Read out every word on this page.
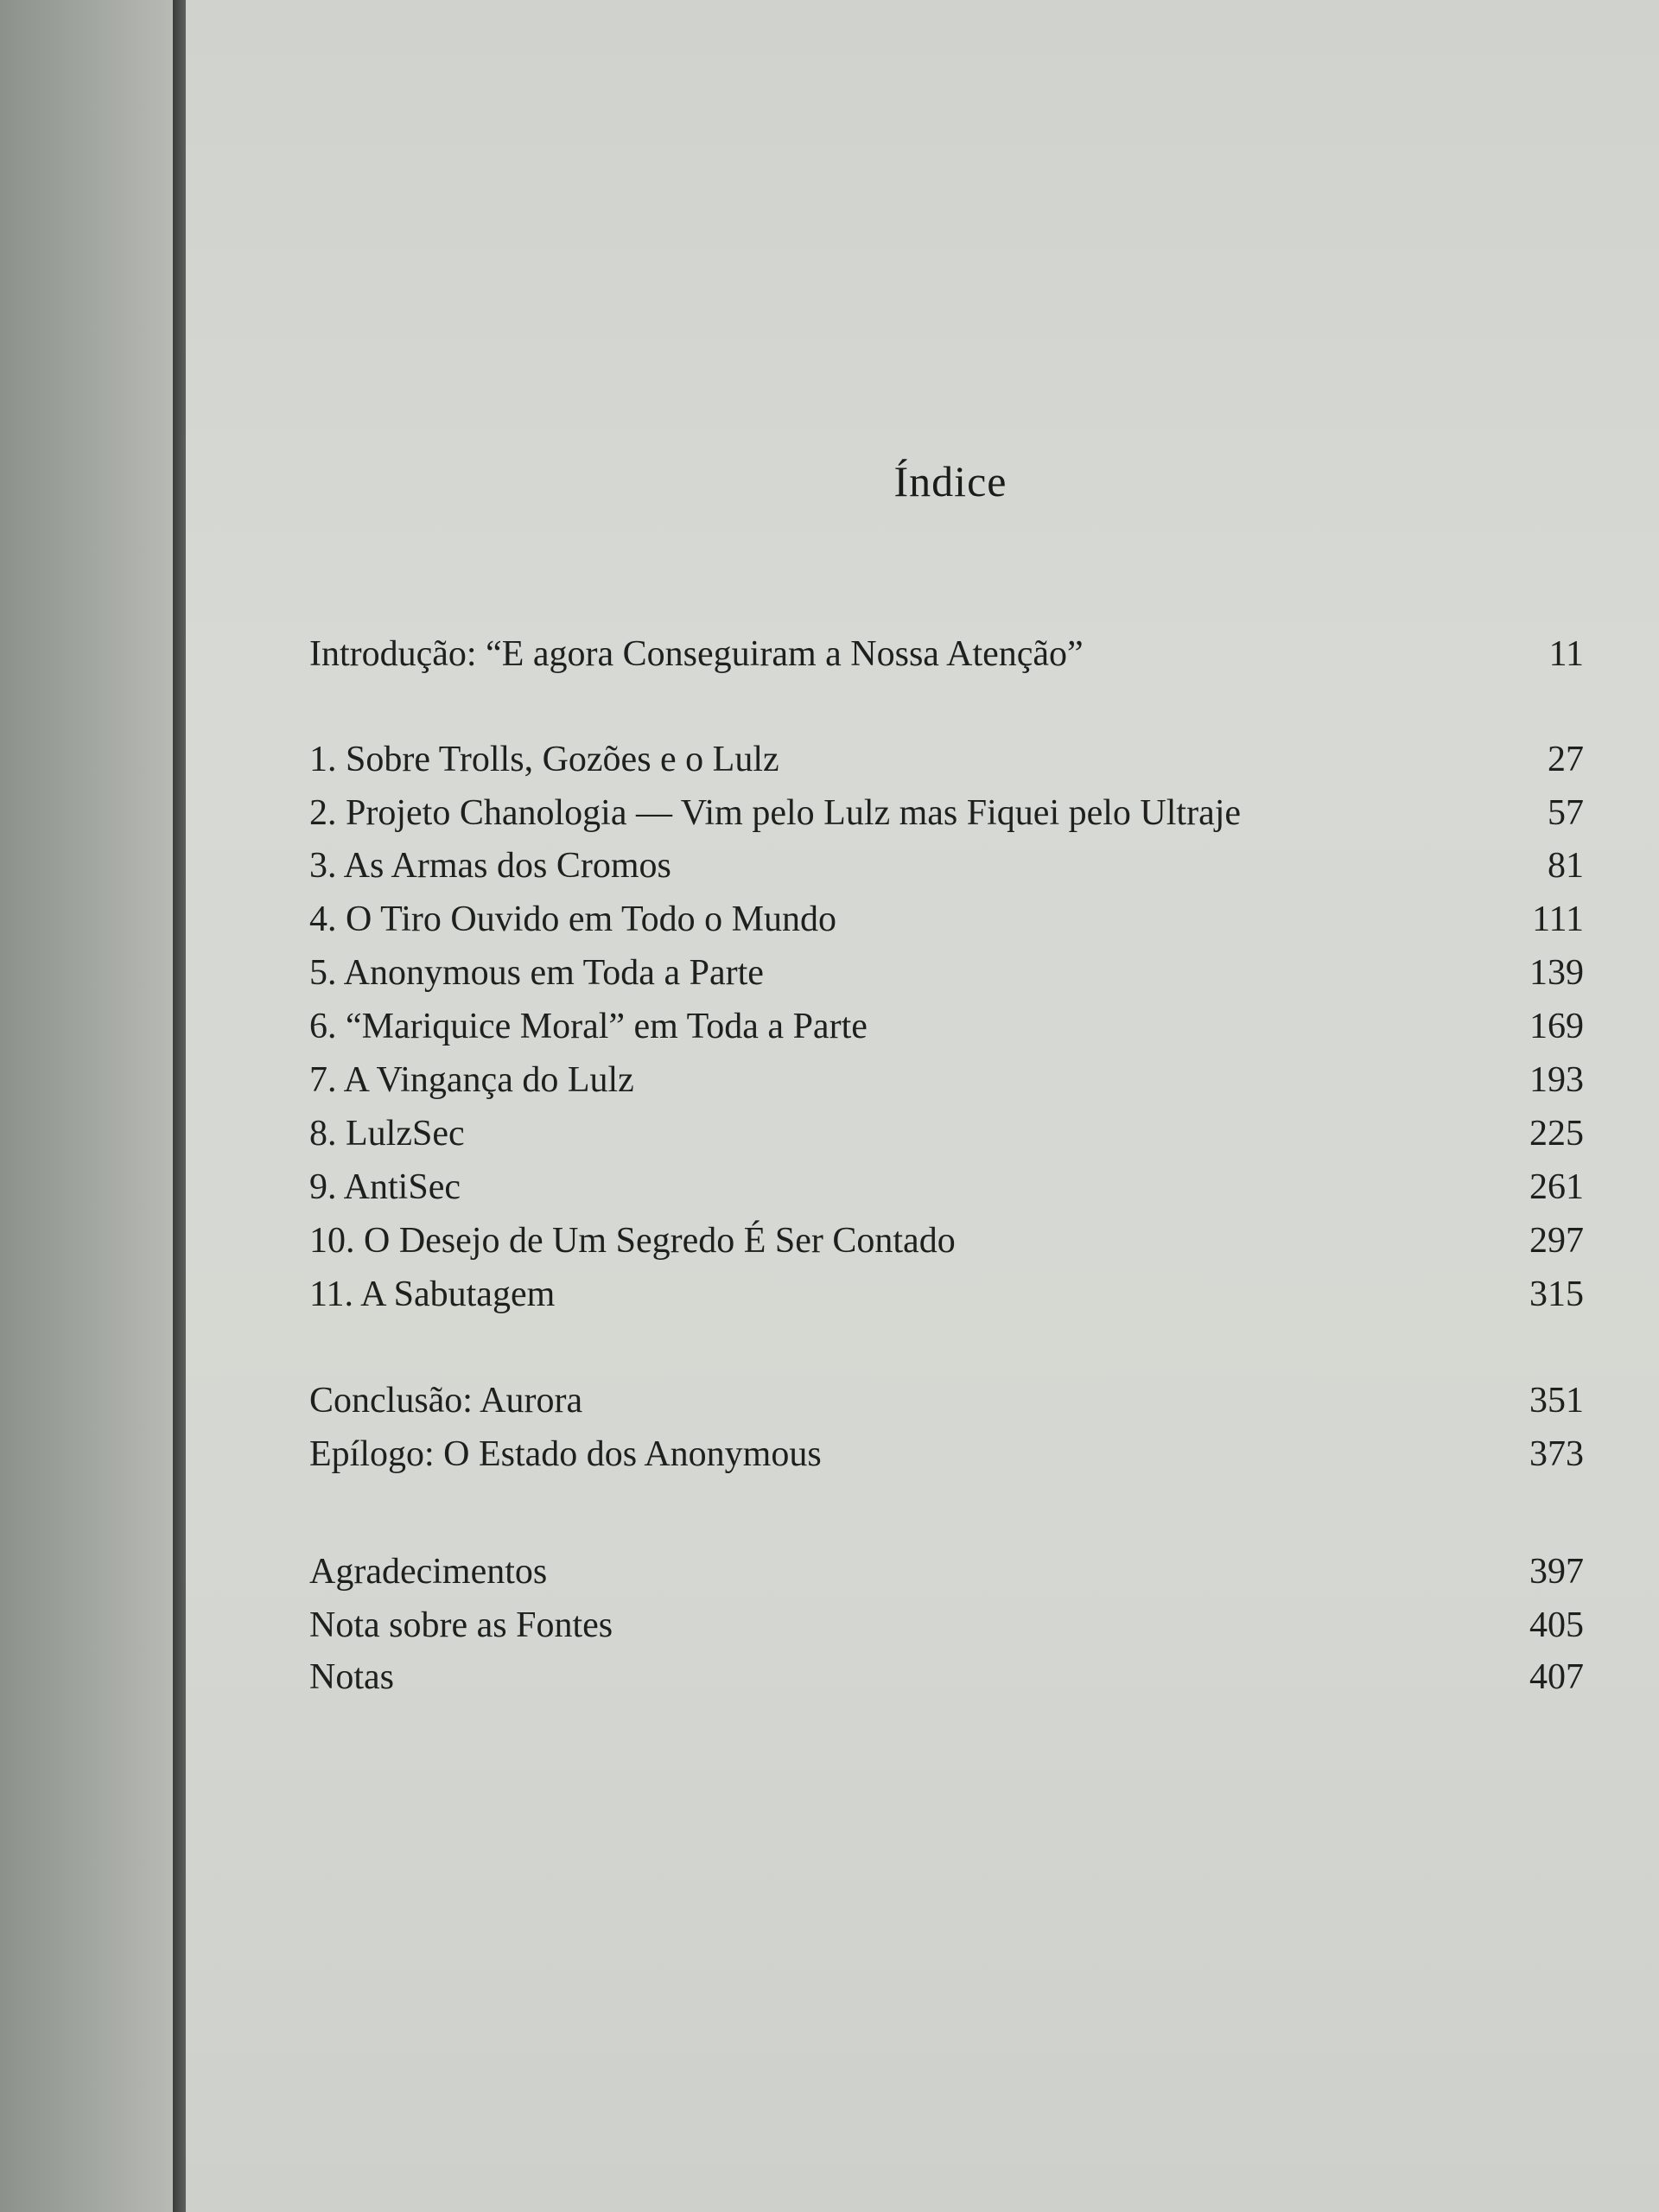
Índice
Introdução: “E agora Conseguiram a Nossa Atenção”	11
1. Sobre Trolls, Gozões e o Lulz	27
2. Projeto Chanologia — Vim pelo Lulz mas Fiquei pelo Ultraje	57
3. As Armas dos Cromos	81
4. O Tiro Ouvido em Todo o Mundo	111
5. Anonymous em Toda a Parte	139
6. “Mariquice Moral” em Toda a Parte	169
7. A Vingança do Lulz	193
8. LulzSec	225
9. AntiSec	261
10. O Desejo de Um Segredo É Ser Contado	297
11. A Sabutagem	315
Conclusão: Aurora	351
Epílogo: O Estado dos Anonymous	373
Agradecimentos	397
Nota sobre as Fontes	405
Notas	407
